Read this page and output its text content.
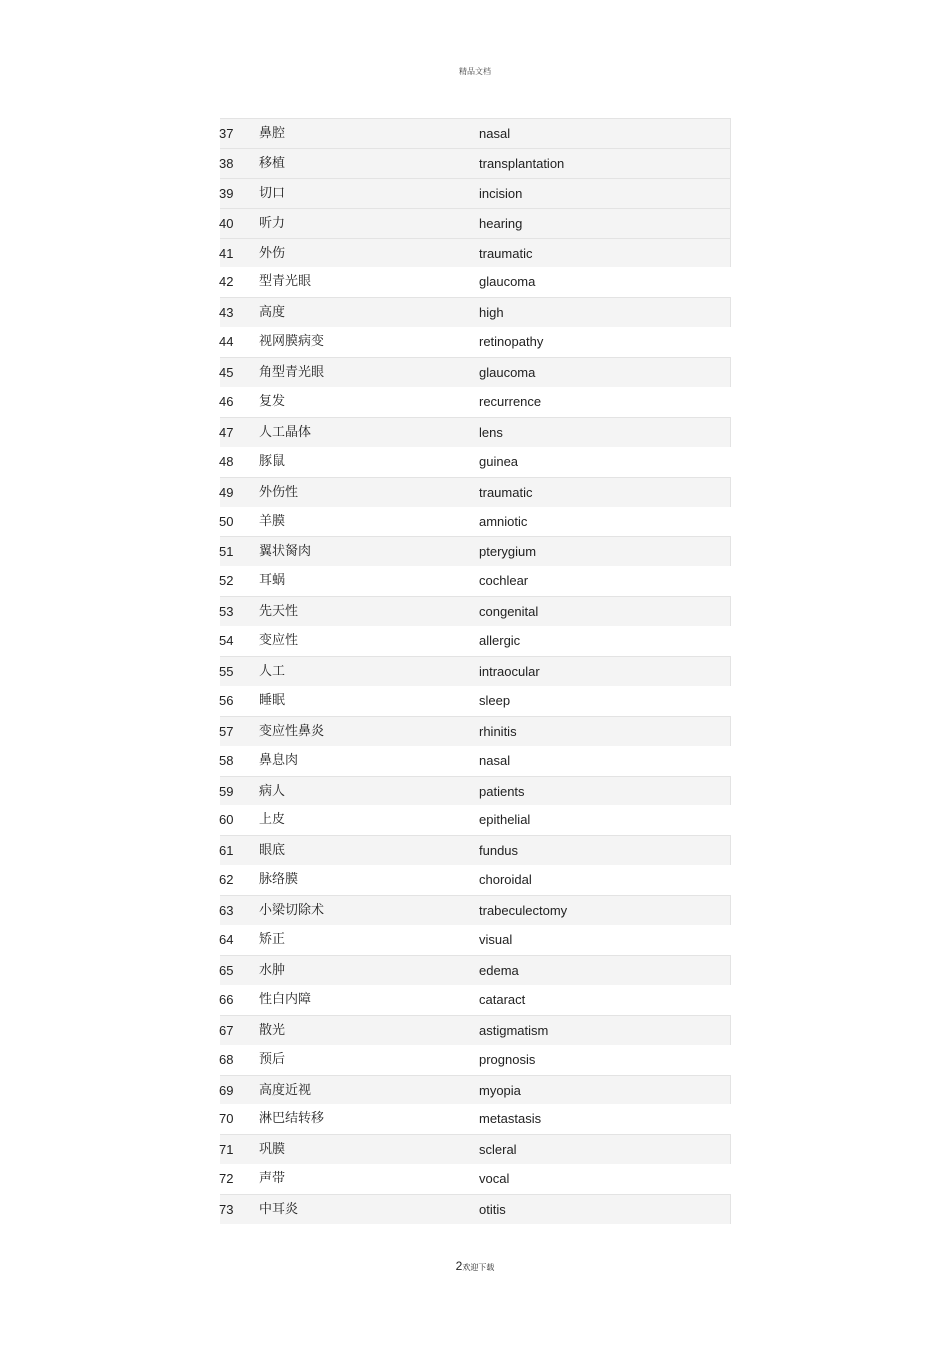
精品文档
37 鼻腔	nasal
38 移植	transplantation
39 切口	incision
40 听力	hearing
41 外伤	traumatic
42 型青光眼	glaucoma
43 高度	high
44 视网膜病变	retinopathy
45 角型青光眼	glaucoma
46 复发	recurrence
47 人工晶体	lens
48 豚鼠	guinea
49 外伤性	traumatic
50 羊膜	amniotic
51 翼状胬肉	pterygium
52 耳蜗	cochlear
53 先天性	congenital
54 变应性	allergic
55 人工	intraocular
56 睡眠	sleep
57 变应性鼻炎	rhinitis
58 鼻息肉	nasal
59 病人	patients
60 上皮	epithelial
61 眼底	fundus
62 脉络膜	choroidal
63 小梁切除术	trabeculectomy
64 矫正	visual
65 水肿	edema
66 性白内障	cataract
67 散光	astigmatism
68 预后	prognosis
69 高度近视	myopia
70 淋巴结转移	metastasis
71 巩膜	scleral
72 声带	vocal
73 中耳炎	otitis
2欢迎下载
